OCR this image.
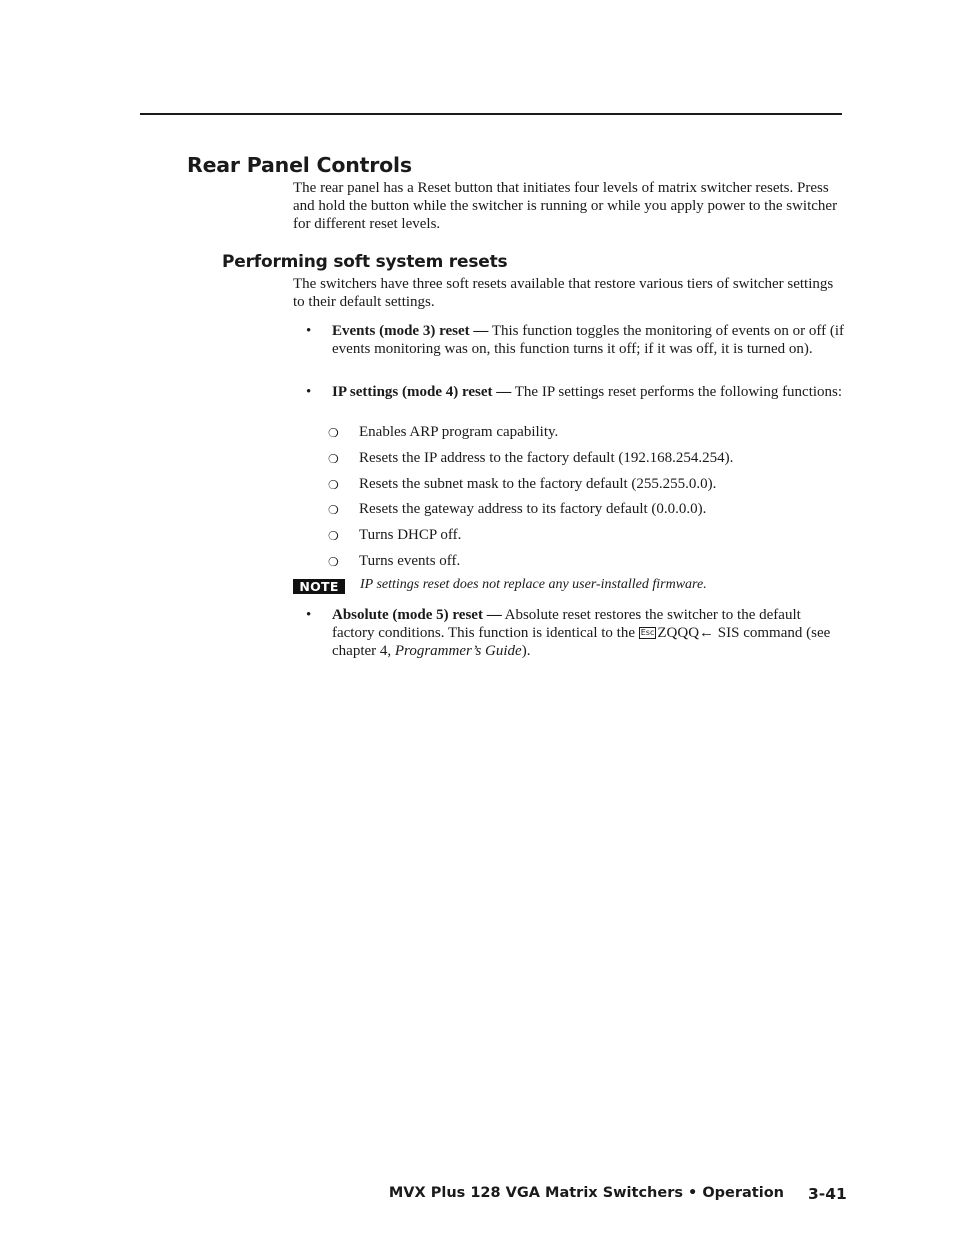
Rear Panel Controls
The rear panel has a Reset button that initiates four levels of matrix switcher resets. Press and hold the button while the switcher is running or while you apply power to the switcher for different reset levels.
Performing soft system resets
The switchers have three soft resets available that restore various tiers of switcher settings to their default settings.
•	Events (mode 3) reset — This function toggles the monitoring of events on or off (if events monitoring was on, this function turns it off; if it was off, it is turned on).
•	IP settings (mode 4) reset — The IP settings reset performs the following functions:
❍ Enables ARP program capability.
❍ Resets the IP address to the factory default (192.168.254.254).
❍ Resets the subnet mask to the factory default (255.255.0.0).
❍ Resets the gateway address to its factory default (0.0.0.0).
❍ Turns DHCP off.
❍ Turns events off.
NOTE	IP settings reset does not replace any user-installed firmware.
•	Absolute (mode 5) reset — Absolute reset restores the switcher to the default factory conditions. This function is identical to the Esc ZQQQ← SIS command (see chapter 4, Programmer’s Guide).
MVX Plus 128 VGA Matrix Switchers • Operation 3-41
